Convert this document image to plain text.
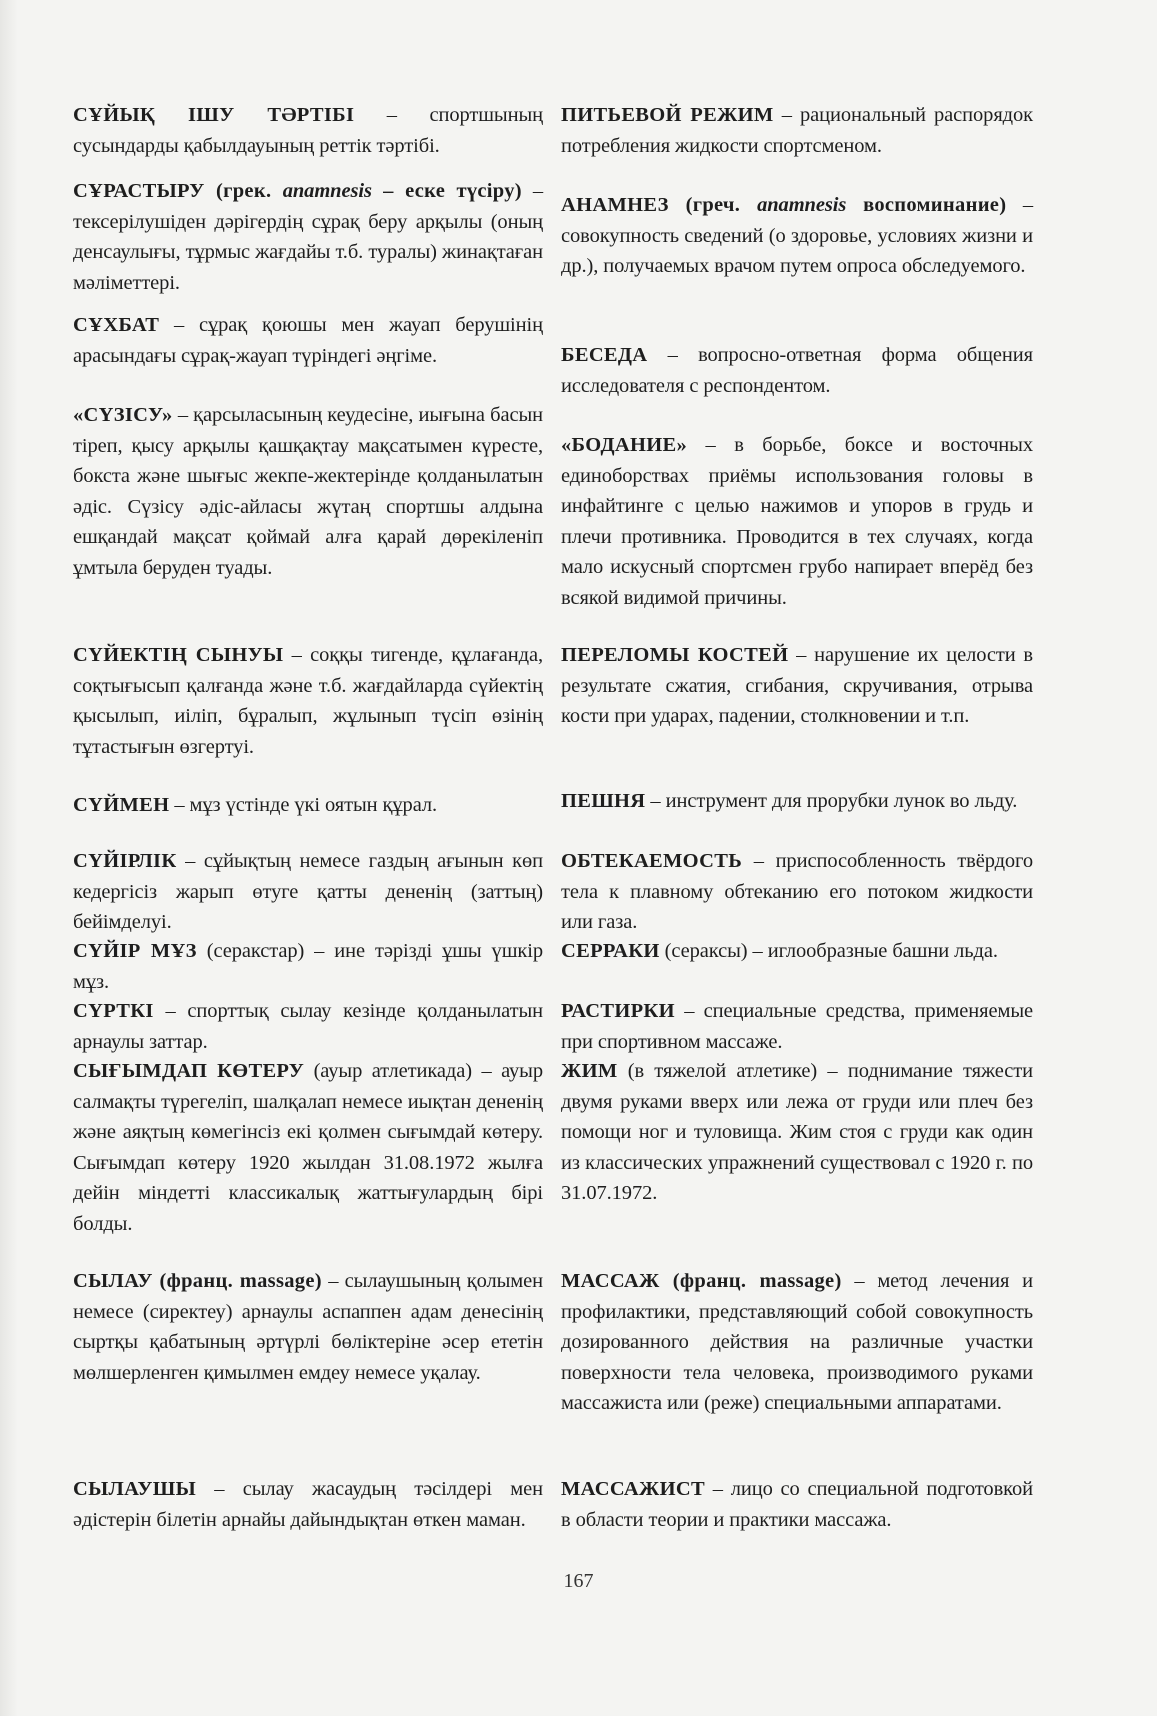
СҰЙЫҚ ІШУ ТӘРТІБІ – спортшының сусындарды қабылдауының реттік тәртібі.
СҰРАСТЫРУ (грек. anamnesis – еске түсіру) – тексерілушіден дәрігердің сұрақ беру арқылы (оның денсаулығы, тұрмыс жағдайы т.б. туралы) жинақтаған мәліметтері.
СҰХБАТ – сұрақ қоюшы мен жауап берушінің арасындағы сұрақ-жауап түріндегі әңгіме.
«СҮЗІСУ» – қарсыласының кеудесіне, иығына басын тіреп, қысу арқылы қашқақтау мақсатымен күресте, бокста және шығыс жекпе-жектерінде қолданылатын әдіс. Сүзісу әдіс-айласы жүтаң спортшы алдына ешқандай мақсат қоймай алға қарай дөрекіленіп ұмтыла беруден туады.
СҮЙЕКТІҢ СЫНУЫ – соққы тигенде, құлағанда, соқтығысып қалғанда және т.б. жағдайларда сүйектің қысылып, иіліп, бұралып, жұлынып түсіп өзінің тұтастығын өзгертуі.
СҮЙМЕН – мұз үстінде үкі оятын құрал.
СҮЙІРЛІК – сұйықтың немесе газдың ағынын көп кедергісіз жарып өтуге қатты дененің (заттың) бейімделуі.
СҮЙІР МҰЗ (серакстар) – ине тәрізді ұшы үшкір мұз.
СҮРТКІ – спорттық сылау кезінде қолданылатын арнаулы заттар.
СЫҒЫМДАП КӨТЕРУ (ауыр атлетикада) – ауыр салмақты түрегеліп, шалқалап немесе иықтан дененің және аяқтың көмегінсіз екі қолмен сығымдай көтеру. Сығымдап көтеру 1920 жылдан 31.08.1972 жылға дейін міндетті классикалық жаттығулардың бірі болды.
СЫЛАУ (франц. massage) – сылаушының қолымен немесе (сиректеу) арнаулы аспаппен адам денесінің сыртқы қабатының әртүрлі бөліктеріне әсер ететін мөлшерленген қимылмен емдеу немесе уқалау.
СЫЛАУШЫ – сылау жасаудың тәсілдері мен әдістерін білетін арнайы дайындықтан өткен маман.
ПИТЬЕВОЙ РЕЖИМ – рациональный распорядок потребления жидкости спортсменом.
АНАМНЕЗ (греч. anamnesis воспоминание) – совокупность сведений (о здоровье, условиях жизни и др.), получаемых врачом путем опроса обследуемого.
БЕСЕДА – вопросно-ответная форма общения исследователя с респондентом.
«БОДАНИЕ» – в борьбе, боксе и восточных единоборствах приёмы использования головы в инфайтинге с целью нажимов и упоров в грудь и плечи противника. Проводится в тех случаях, когда мало искусный спортсмен грубо напирает вперёд без всякой видимой причины.
ПЕРЕЛОМЫ КОСТЕЙ – нарушение их целости в результате сжатия, сгибания, скручивания, отрыва кости при ударах, падении, столкновении и т.п.
ПЕШНЯ – инструмент для прорубки лунок во льду.
ОБТЕКАЕМОСТЬ – приспособленность твёрдого тела к плавному обтеканию его потоком жидкости или газа.
СЕРРАКИ (сераксы) – иглообразные башни льда.
РАСТИРКИ – специальные средства, применяемые при спортивном массаже.
ЖИМ (в тяжелой атлетике) – поднимание тяжести двумя руками вверх или лежа от груди или плеч без помощи ног и туловища. Жим стоя с груди как один из классических упражнений существовал с 1920 г. по 31.07.1972.
МАССАЖ (франц. massage) – метод лечения и профилактики, представляющий собой совокупность дозированного действия на различные участки поверхности тела человека, производимого руками массажиста или (реже) специальными аппаратами.
МАССАЖИСТ – лицо со специальной подготовкой в области теории и практики массажа.
167
